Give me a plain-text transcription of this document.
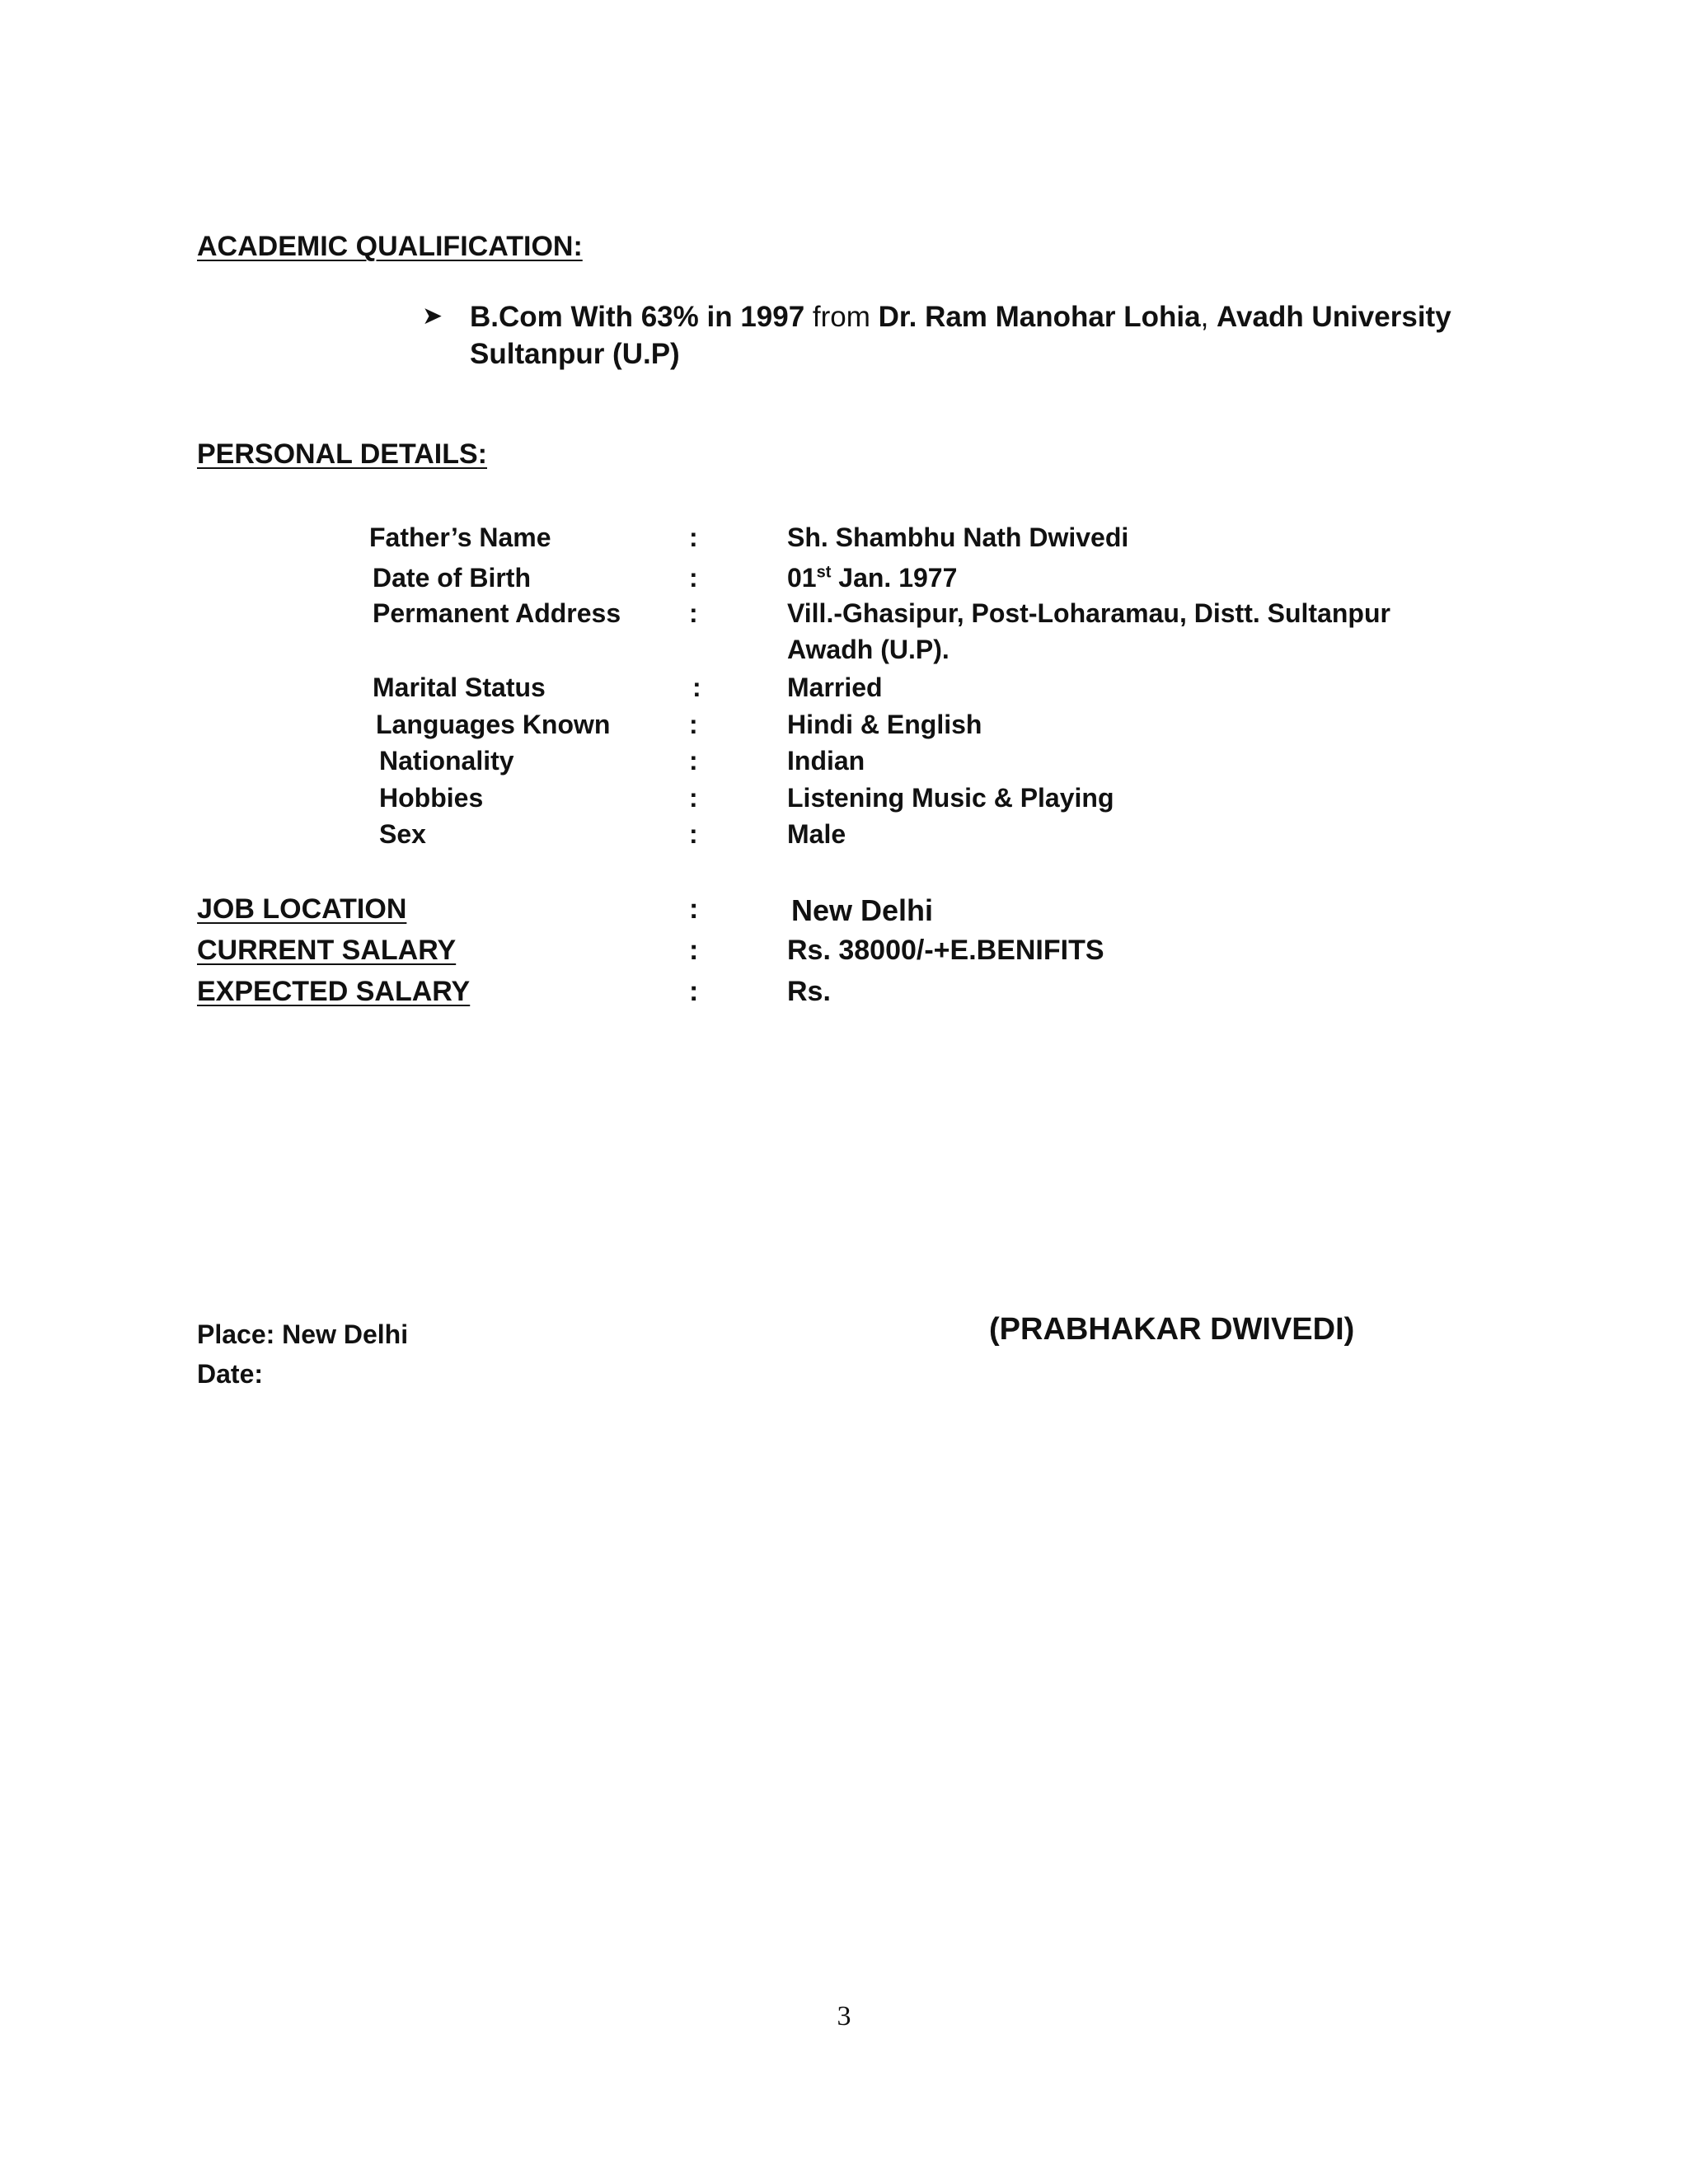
ACADEMIC QUALIFICATION:
➤ B.Com With 63% in 1997 from Dr. Ram Manohar Lohia, Avadh University Sultanpur (U.P)
PERSONAL DETAILS:
Father’s Name	:	Sh. Shambhu Nath Dwivedi
Date of Birth	:	01st Jan. 1977
Permanent Address	:	Vill.-Ghasipur, Post-Loharamau, Distt. Sultanpur
Awadh (U.P).
Marital Status	:	Married
Languages Known	:	Hindi & English
Nationality	:	Indian
Hobbies	:	Listening Music & Playing
Sex	:	Male
JOB LOCATION	:	New Delhi
CURRENT SALARY	:	Rs. 38000/-+E.BENIFITS
EXPECTED SALARY	:	Rs.
Place: New Delhi
Date:
(PRABHAKAR DWIVEDI)
3
